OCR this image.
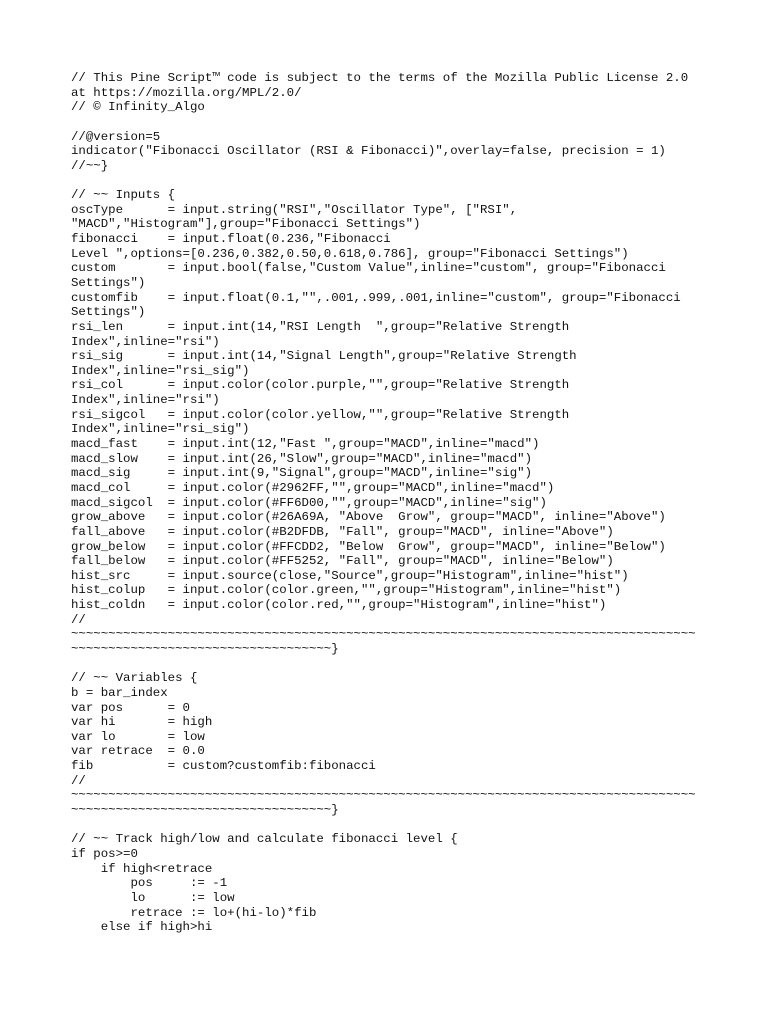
// This Pine Script™ code is subject to the terms of the Mozilla Public License 2.0
at https://mozilla.org/MPL/2.0/
// © Infinity_Algo
//@version=5
indicator("Fibonacci Oscillator (RSI & Fibonacci)",overlay=false, precision = 1)
//~~}
// ~~ Inputs {
oscType      = input.string("RSI","Oscillator Type", ["RSI",
"MACD","Histogram"],group="Fibonacci Settings")
fibonacci    = input.float(0.236,"Fibonacci
Level ",options=[0.236,0.382,0.50,0.618,0.786], group="Fibonacci Settings")
custom       = input.bool(false,"Custom Value",inline="custom", group="Fibonacci
Settings")
customfib    = input.float(0.1,"",.001,.999,.001,inline="custom", group="Fibonacci
Settings")
rsi_len      = input.int(14,"RSI Length  ",group="Relative Strength
Index",inline="rsi")
rsi_sig      = input.int(14,"Signal Length",group="Relative Strength
Index",inline="rsi_sig")
rsi_col      = input.color(color.purple,"",group="Relative Strength
Index",inline="rsi")
rsi_sigcol   = input.color(color.yellow,"",group="Relative Strength
Index",inline="rsi_sig")
macd_fast    = input.int(12,"Fast ",group="MACD",inline="macd")
macd_slow    = input.int(26,"Slow",group="MACD",inline="macd")
macd_sig     = input.int(9,"Signal",group="MACD",inline="sig")
macd_col     = input.color(#2962FF,"",group="MACD",inline="macd")
macd_sigcol  = input.color(#FF6D00,"",group="MACD",inline="sig")
grow_above   = input.color(#26A69A, "Above  Grow", group="MACD", inline="Above")
fall_above   = input.color(#B2DFDB, "Fall", group="MACD", inline="Above")
grow_below   = input.color(#FFCDD2, "Below  Grow", group="MACD", inline="Below")
fall_below   = input.color(#FF5252, "Fall", group="MACD", inline="Below")
hist_src     = input.source(close,"Source",group="Histogram",inline="hist")
hist_colup   = input.color(color.green,"",group="Histogram",inline="hist")
hist_coldn   = input.color(color.red,"",group="Histogram",inline="hist")
//
~~~~~~~~~~~~~~~~~~~~~~~~~~~~~~~~~~~~~~~~~~~~~~~~~~~~~~~~~~~~~~~~~~~~~~~~~~~~~~~~~~~~
~~~~~~~~~~~~~~~~~~~~~~~~~~~~~~~~~~~}
// ~~ Variables {
b = bar_index
var pos      = 0
var hi       = high
var lo       = low
var retrace  = 0.0
fib          = custom?customfib:fibonacci
//
~~~~~~~~~~~~~~~~~~~~~~~~~~~~~~~~~~~~~~~~~~~~~~~~~~~~~~~~~~~~~~~~~~~~~~~~~~~~~~~~~~~~
~~~~~~~~~~~~~~~~~~~~~~~~~~~~~~~~~~~}
// ~~ Track high/low and calculate fibonacci level {
if pos>=0
if high<retrace
pos     := -1
lo      := low
retrace := lo+(hi-lo)*fib
else if high>hi
